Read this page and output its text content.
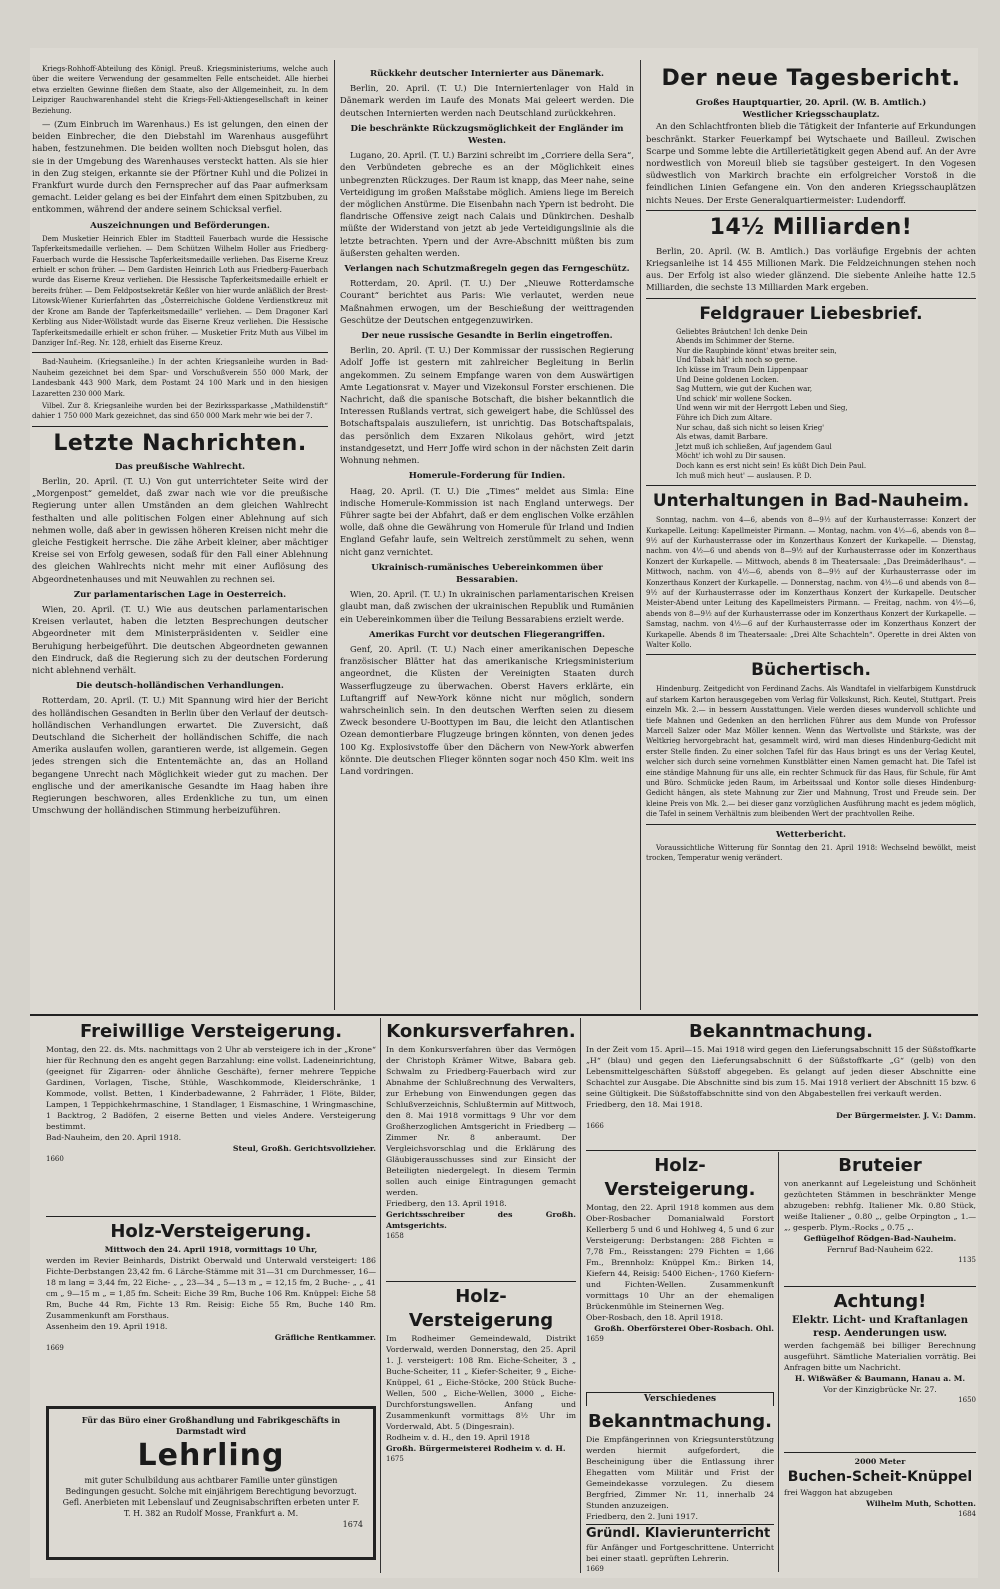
Kriegs-Rohhoff-Abteilung des Königl. Preuß. Kriegsministeriums, welche auch über die weitere Verwendung der gesammelten Felle entscheidet. Alle hierbei etwa erzielten Gewinne fließen dem Staate, also der Allgemeinheit, zu. In dem Leipziger Rauchwarenhandel steht die Kriegs-Fell-Aktiengesellschaft in keiner Beziehung.

— (Zum Einbruch im Warenhaus.) Es ist gelungen, den einen der beiden Einbrecher, die den Diebstahl im Warenhaus ausgeführt haben, festzunehmen. Die beiden wollten noch Diebsgut holen, das sie in der Umgebung des Warenhauses versteckt hatten. Als sie hier in den Zug steigen, erkannte sie der Pförtner Kuhl und die Polizei in Frankfurt wurde durch den Fernsprecher auf das Paar aufmerksam gemacht. Leider gelang es bei der Einfahrt dem einen Spitzbuben, zu entkommen, während der andere seinem Schicksal verfiel.

Auszeichnungen und Beförderungen.

Dem Musketier Heinrich Ebler im Stadtteil Fauerbach wurde die Hessische Tapferkeitsmedaille verliehen. — Dem Schützen Wilhelm Holler aus Friedberg-Fauerbach wurde die Hessische Tapferkeitsmedaille verliehen. Das Eiserne Kreuz erhielt er schon früher. — Dem Gardisten Heinrich Loth aus Friedberg-Fauerbach wurde das Eiserne Kreuz verliehen. Die Hessische Tapferkeitsmedaille erhielt er bereits früher. — Dem Feldpostsekretär Keßler von hier wurde anläßlich der Brest-Litowsk-Wiener Kurierfahrten das „Österreichische Goldene Verdienstkreuz mit der Krone am Bande der Tapferkeitsmedaille“ verliehen. — Dem Dragoner Karl Kerbling aus Nider-Wöllstadt wurde das Eiserne Kreuz verliehen. Die Hessische Tapferkeitsmedaille erhielt er schon früher. — Musketier Fritz Muth aus Vilbel im Danziger Inf.-Reg. Nr. 128, erhielt das Eiserne Kreuz.

Bad-Nauheim. (Kriegsanleihe.) In der achten Kriegsanleihe wurden in Bad-Nauheim gezeichnet bei dem Spar- und Vorschußverein 550 000 Mark, der Landesbank 443 900 Mark, dem Postamt 24 100 Mark und in den hiesigen Lazaretten 230 000 Mark.

Vilbel. Zur 8. Kriegsanleihe wurden bei der Bezirkssparkasse „Mathildenstift“ dahier 1 750 000 Mark gezeichnet, das sind 650 000 Mark mehr wie bei der 7.

Letzte Nachrichten.
Das preußische Wahlrecht.

Berlin, 20. April. (T. U.) Von gut unterrichteter Seite wird der „Morgenpost“ gemeldet, daß zwar nach wie vor die preußische Regierung unter allen Umständen an dem gleichen Wahlrecht festhalten und alle politischen Folgen einer Ablehnung auf sich nehmen wolle, daß aber in gewissen höheren Kreisen nicht mehr die gleiche Festigkeit herrsche. Die zähe Arbeit kleiner, aber mächtiger Kreise sei von Erfolg gewesen, sodaß für den Fall einer Ablehnung des gleichen Wahlrechts nicht mehr mit einer Auflösung des Abgeordnetenhauses und mit Neuwahlen zu rechnen sei.

Zur parlamentarischen Lage in Oesterreich.

Wien, 20. April. (T. U.) Wie aus deutschen parlamentarischen Kreisen verlautet, haben die letzten Besprechungen deutscher Abgeordneter mit dem Ministerpräsidenten v. Seidler eine Beruhigung herbeigeführt. Die deutschen Abgeordneten gewannen den Eindruck, daß die Regierung sich zu der deutschen Forderung nicht ablehnend verhält.

Die deutsch-holländischen Verhandlungen.

Rotterdam, 20. April. (T. U.) Mit Spannung wird hier der Bericht des holländischen Gesandten in Berlin über den Verlauf der deutsch-holländischen Verhandlungen erwartet. Die Zuversicht, daß Deutschland die Sicherheit der holländischen Schiffe, die nach Amerika auslaufen wollen, garantieren werde, ist allgemein. Gegen jedes strengen sich die Ententemächte an, das an Holland begangene Unrecht nach Möglichkeit wieder gut zu machen. Der englische und der amerikanische Gesandte im Haag haben ihre Regierungen beschworen, alles Erdenkliche zu tun, um einen Umschwung der holländischen Stimmung herbeizuführen.

Rückkehr deutscher Internierter aus Dänemark.

Berlin, 20. April. (T. U.) Die Interniertenlager von Hald in Dänemark werden im Laufe des Monats Mai geleert werden. Die deutschen Internierten werden nach Deutschland zurückkehren.

Die beschränkte Rückzugsmöglichkeit der Engländer im Westen.

Lugano, 20. April. (T. U.) Barzini schreibt im „Corriere della Sera“, den Verbündeten gebreche es an der Möglichkeit eines unbegrenzten Rückzuges. Der Raum ist knapp, das Meer nahe, seine Verteidigung im großen Maßstabe möglich. Amiens liege im Bereich der möglichen Anstürme. Die Eisenbahn nach Ypern ist bedroht. Die flandrische Offensive zeigt nach Calais und Dünkirchen. Deshalb müßte der Widerstand von jetzt ab jede Verteidigungslinie als die letzte betrachten. Ypern und der Avre-Abschnitt müßten bis zum äußersten gehalten werden.

Verlangen nach Schutzmaßregeln gegen das Ferngeschütz.

Rotterdam, 20. April. (T. U.) Der „Nieuwe Rotterdamsche Courant“ berichtet aus Paris: Wie verlautet, werden neue Maßnahmen erwogen, um der Beschießung der weittragenden Geschütze der Deutschen entgegenzuwirken.

Der neue russische Gesandte in Berlin eingetroffen.

Berlin, 20. April. (T. U.) Der Kommissar der russischen Regierung Adolf Joffe ist gestern mit zahlreicher Begleitung in Berlin angekommen. Zu seinem Empfange waren von dem Auswärtigen Amte Legationsrat v. Mayer und Vizekonsul Forster erschienen. Die Nachricht, daß die spanische Botschaft, die bisher bekanntlich die Interessen Rußlands vertrat, sich geweigert habe, die Schlüssel des Botschaftspalais auszuliefern, ist unrichtig. Das Botschaftspalais, das persönlich dem Exzaren Nikolaus gehört, wird jetzt instandgesetzt, und Herr Joffe wird schon in der nächsten Zeit darin Wohnung nehmen.

Homerule-Forderung für Indien.

Haag, 20. April. (T. U.) Die „Times“ meldet aus Simla: Eine indische Homerule-Kommission ist nach England unterwegs. Der Führer sagte bei der Abfahrt, daß er dem englischen Volke erzählen wolle, daß ohne die Gewährung von Homerule für Irland und Indien England Gefahr laufe, sein Weltreich zerstümmelt zu sehen, wenn nicht ganz vernichtet.

Ukrainisch-rumänisches Uebereinkommen über Bessarabien.

Wien, 20. April. (T. U.) In ukrainischen parlamentarischen Kreisen glaubt man, daß zwischen der ukrainischen Republik und Rumänien ein Uebereinkommen über die Teilung Bessarabiens erzielt werde.

Amerikas Furcht vor deutschen Fliegerangriffen.

Genf, 20. April. (T. U.) Nach einer amerikanischen Depesche französischer Blätter hat das amerikanische Kriegsministerium angeordnet, die Küsten der Vereinigten Staaten durch Wasserflugzeuge zu überwachen. Oberst Havers erklärte, ein Luftangriff auf New-York könne nicht nur möglich, sondern wahrscheinlich sein. In den deutschen Werften seien zu diesem Zweck besondere U-Boottypen im Bau, die leicht den Atlantischen Ozean demontierbare Flugzeuge bringen könnten, von denen jedes 100 Kg. Explosivstoffe über den Dächern von New-York abwerfen könnte. Die deutschen Flieger könnten sogar noch 450 Klm. weit ins Land vordringen.

Der neue Tagesbericht.
Großes Hauptquartier, 20. April. (W. B. Amtlich.)
Westlicher Kriegsschauplatz.

An den Schlachtfronten blieb die Tätigkeit der Infanterie auf Erkundungen beschränkt. Starker Feuerkampf bei Wytschaete und Bailleul. Zwischen Scarpe und Somme lebte die Artillerietätigkeit gegen Abend auf. An der Avre nordwestlich von Moreuil blieb sie tagsüber gesteigert. In den Vogesen südwestlich von Markirch brachte ein erfolgreicher Vorstoß in die feindlichen Linien Gefangene ein. Von den anderen Kriegsschauplätzen nichts Neues. Der Erste Generalquartiermeister: Ludendorff.

14½ Milliarden!

Berlin, 20. April. (W. B. Amtlich.) Das vorläufige Ergebnis der achten Kriegsanleihe ist 14 455 Millionen Mark. Die Feldzeichnungen stehen noch aus. Der Erfolg ist also wieder glänzend. Die siebente Anleihe hatte 12.5 Milliarden, die sechste 13 Milliarden Mark ergeben.

Feldgrauer Liebesbrief.
Geliebtes Bräutchen! Ich denke Dein
Abends im Schimmer der Sterne.
Nur die Raupbinde könnt' etwas breiter sein,
Und Tabak hät' ich noch so gerne.
Ich küsse im Traum Dein Lippenpaar
Und Deine goldenen Locken.
Sag Muttern, wie gut der Kuchen war,
Und schick' mir wollene Socken.
Und wenn wir mit der Herrgott Leben und Sieg,
Führe ich Dich zum Altare.
Nur schau, daß sich nicht so leisen Krieg'
Als etwas, damit Barbare.
Jetzt muß ich schließen, Auf jagendem Gaul
Möcht' ich wohl zu Dir sausen.
Doch kann es erst nicht sein! Es küßt Dich Dein Paul.
Ich muß mich heut' — auslausen. P. D.
Unterhaltungen in Bad-Nauheim.

Sonntag, nachm. von 4—6, abends von 8—9½ auf der Kurhausterrasse: Konzert der Kurkapelle. Leitung: Kapellmeister Pirmann. — Montag, nachm. von 4½—6, abends von 8—9½ auf der Kurhausterrasse oder im Konzerthaus Konzert der Kurkapelle. — Dienstag, nachm. von 4½—6 und abends von 8—9½ auf der Kurhausterrasse oder im Konzerthaus Konzert der Kurkapelle. — Mittwoch, abends 8 im Theatersaale: „Das Dreimäderlhaus“. — Mittwoch, nachm. von 4½—6, abends von 8—9½ auf der Kurhausterrasse oder im Konzerthaus Konzert der Kurkapelle. — Donnerstag, nachm. von 4½—6 und abends von 8—9½ auf der Kurhausterrasse oder im Konzerthaus Konzert der Kurkapelle. Deutscher Meister-Abend unter Leitung des Kapellmeisters Pirmann. — Freitag, nachm. von 4½—6, abends von 8—9½ auf der Kurhausterrasse oder im Konzerthaus Konzert der Kurkapelle. — Samstag, nachm. von 4½—6 auf der Kurhausterrasse oder im Konzerthaus Konzert der Kurkapelle. Abends 8 im Theatersaale: „Drei Alte Schachteln“. Operette in drei Akten von Walter Kollo.

Büchertisch.

Hindenburg. Zeitgedicht von Ferdinand Zachs. Als Wandtafel in vielfarbigem Kunstdruck auf starkem Karton herausgegeben vom Verlag für Volkskunst, Rich. Keutel, Stuttgart. Preis einzeln Mk. 2.— in bessern Ausstattungen. Viele werden dieses wundervoll schlichte und tiefe Mahnen und Gedenken an den herrlichen Führer aus dem Munde von Professor Marcell Salzer oder Maz Möller kennen. Wenn das Wertvollste und Stärkste, was der Weltkrieg hervorgebracht hat, gesammelt wird, wird man dieses Hindenburg-Gedicht mit erster Stelle finden. Zu einer solchen Tafel für das Haus bringt es uns der Verlag Keutel, welcher sich durch seine vornehmen Kunstblätter einen Namen gemacht hat. Die Tafel ist eine ständige Mahnung für uns alle, ein rechter Schmuck für das Haus, für Schule, für Amt und Büro. Schmücke jeden Raum, im Arbeitssaal und Kontor solle dieses Hindenburg-Gedicht hängen, als stete Mahnung zur Zier und Mahnung, Trost und Freude sein. Der kleine Preis von Mk. 2.— bei dieser ganz vorzüglichen Ausführung macht es jedem möglich, die Tafel in seinem Verhältnis zum bleibenden Wert der prachtvollen Reihe.

Wetterbericht.

Voraussichtliche Witterung für Sonntag den 21. April 1918: Wechselnd bewölkt, meist trocken, Temperatur wenig verändert.

Freiwillige Versteigerung.
Montag, den 22. ds. Mts. nachmittags von 2 Uhr ab versteigere ich in der „Krone“ hier für Rechnung den es angeht gegen Barzahlung: eine vollst. Ladeneinrichtung, (geeignet für Zigarren- oder ähnliche Geschäfte), ferner mehrere Teppiche Gardinen, Vorlagen, Tische, Stühle, Waschkommode, Kleiderschränke, 1 Kommode, vollst. Betten, 1 Kinderbadewanne, 2 Fahrräder, 1 Flöte, Bilder, Lampen, 1 Teppichkehrmaschine, 1 Standlager, 1 Eismaschine, 1 Wringmaschine, 1 Backtrog, 2 Badöfen, 2 eiserne Betten und vieles Andere. Versteigerung bestimmt.
Bad-Nauheim, den 20. April 1918.
Steul, Großh. Gerichtsvollzieher.
1660
Holz-Versteigerung.
Mittwoch den 24. April 1918, vormittags 10 Uhr,
werden im Revier Beinhards, Distrikt Oberwald und Unterwald versteigert: 186 Fichte-Derbstangen 23,42 fm. 6 Lärche-Stämme mit 31—31 cm Durchmesser, 16—18 m lang = 3,44 fm, 22 Eiche- „ „ 23—34 „ 5—13 m „ = 12,15 fm, 2 Buche- „ „ 41 cm „ 9—15 m „ = 1,85 fm. Scheit: Eiche 39 Rm, Buche 106 Rm. Knüppel: Eiche 58 Rm, Buche 44 Rm, Fichte 13 Rm. Reisig: Eiche 55 Rm, Buche 140 Rm. Zusammenkunft am Forsthaus.
Assenheim den 19. April 1918.
Gräfliche Rentkammer.
1669
Für das Büro einer Großhandlung und Fabrikgeschäfts in Darmstadt wird
Lehrling
mit guter Schulbildung aus achtbarer Familie unter günstigen Bedingungen gesucht. Solche mit einjährigem Berechtigung bevorzugt. Gefl. Anerbieten mit Lebenslauf und Zeugnisabschriften erbeten unter F. T. H. 382 an Rudolf Mosse, Frankfurt a. M.
1674
Konkursverfahren.
In dem Konkursverfahren über das Vermögen der Christoph Krämer Witwe, Babara geb. Schwalm zu Friedberg-Fauerbach wird zur Abnahme der Schlußrechnung des Verwalters, zur Erhebung von Einwendungen gegen das Schlußverzeichnis, Schlußtermin auf Mittwoch, den 8. Mai 1918 vormittags 9 Uhr vor dem Großherzoglichen Amtsgericht in Friedberg — Zimmer Nr. 8 anberaumt. Der Vergleichsvorschlag und die Erklärung des Gläubigerausschusses sind zur Einsicht der Beteiligten niedergelegt. In diesem Termin sollen auch einige Eintragungen gemacht werden.
Friedberg, den 13. April 1918.
Gerichtsschreiber des Großh. Amtsgerichts.
1658
Holz-Versteigerung
Im Rodheimer Gemeindewald, Distrikt Vorderwald, werden Donnerstag, den 25. April 1. J. versteigert: 108 Rm. Eiche-Scheiter, 3 „ Buche-Scheiter, 11 „ Kiefer-Scheiter, 9 „ Eiche-Knüppel, 61 „ Eiche-Stöcke, 200 Stück Buche-Wellen, 500 „ Eiche-Wellen, 3000 „ Eiche-Durchforstungswellen. Anfang und Zusammenkunft vormittags 8½ Uhr im Vorderwald, Abt. 5 (Dingesrain).
Rodheim v. d. H., den 19. April 1918
Großh. Bürgermeisterei Rodheim v. d. H.
1675
Bekanntmachung.
In der Zeit vom 15. April—15. Mai 1918 wird gegen den Lieferungsabschnitt 15 der Süßstoffkarte „H“ (blau) und gegen den Lieferungsabschnitt 6 der Süßstoffkarte „G“ (gelb) von den Lebensmittelgeschäften Süßstoff abgegeben. Es gelangt auf jeden dieser Abschnitte eine Schachtel zur Ausgabe. Die Abschnitte sind bis zum 15. Mai 1918 verliert der Abschnitt 15 bzw. 6 seine Gültigkeit. Die Süßstoffabschnitte sind von den Abgabestellen frei verkauft werden.
Friedberg, den 18. Mai 1918.
Der Bürgermeister. J. V.: Damm.
1666
Holz-Versteigerung.
Montag, den 22. April 1918 kommen aus dem Ober-Rosbacher Domanialwald Forstort Kellerberg 5 und 6 und Hohlweg 4, 5 und 6 zur Versteigerung: Derbstangen: 288 Fichten = 7,78 Fm., Reisstangen: 279 Fichten = 1,66 Fm., Brennholz: Knüppel Km.: Birken 14, Kiefern 44, Reisig: 5400 Eichen-, 1760 Kiefern- und Fichten-Wellen. Zusammenkunft vormittags 10 Uhr an der ehemaligen Brückenmühle im Steinernen Weg.
Ober-Rosbach, den 18. April 1918.
Großh. Oberförsterei Ober-Rosbach. Ohl.
1659
Verschiedenes
Bekanntmachung.
Die Empfängerinnen von Kriegsunterstützung werden hiermit aufgefordert, die Bescheinigung über die Entlassung ihrer Ehegatten vom Militär und Frist der Gemeindekasse vorzulegen. Zu diesem Bergfried, Zimmer Nr. 11, innerhalb 24 Stunden anzuzeigen.
Friedberg, den 2. Juni 1917.
Gründl. Klavierunterricht
für Anfänger und Fortgeschrittene. Unterricht bei einer staatl. geprüften Lehrerin.
1669
Bruteier
von anerkannt auf Legeleistung und Schönheit gezüchteten Stämmen in beschränkter Menge abzugeben: rebhfg. Italiener Mk. 0.80 Stück, weiße Italiener „ 0.80 „, gelbe Orpington „ 1.— „, gesperb. Plym.-Rocks „ 0.75 „.
Geflügelhof Rödgen-Bad-Nauheim.
Fernruf Bad-Nauheim 622.
1135
Achtung!
Elektr. Licht- und Kraftanlagen resp. Aenderungen usw.
werden fachgemäß bei billiger Berechnung ausgeführt. Sämtliche Materialien vorrätig. Bei Anfragen bitte um Nachricht.
H. Wißwäßer & Baumann, Hanau a. M.
Vor der Kinzigbrücke Nr. 27.
1650
2000 Meter
Buchen-Scheit-Knüppel
frei Waggon hat abzugeben
Wilhelm Muth, Schotten.
1684
